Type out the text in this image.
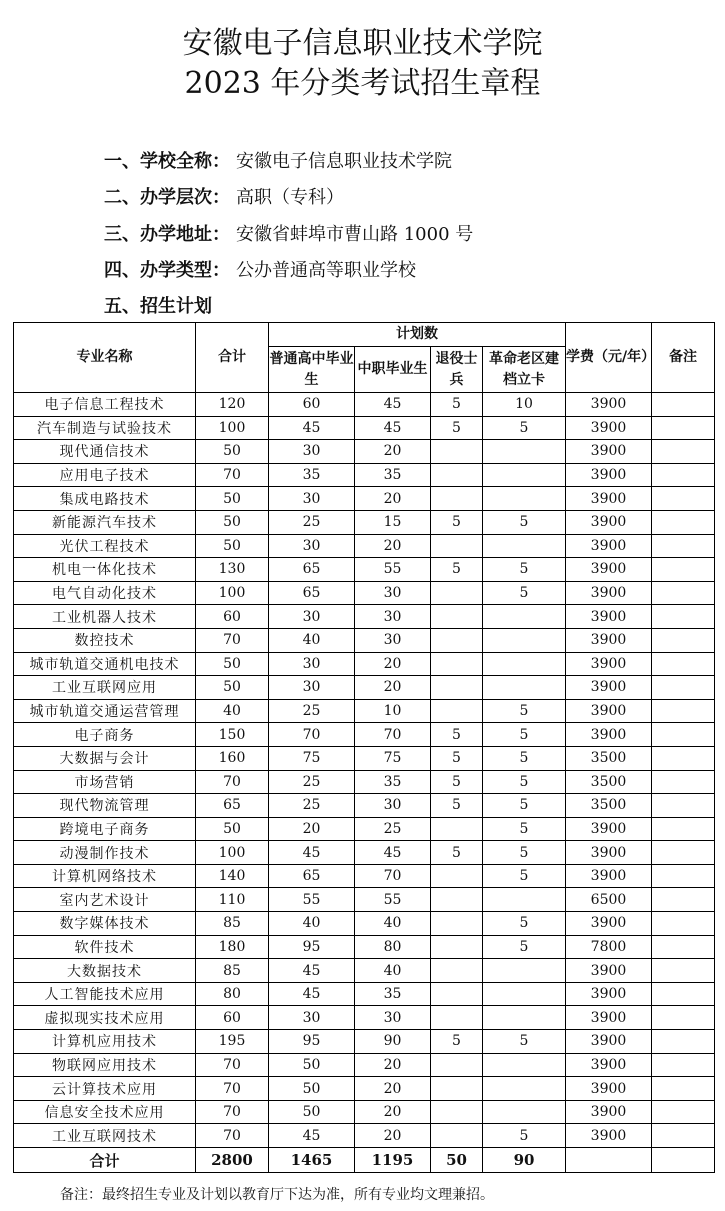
安徽电子信息职业技术学院
2023 年分类考试招生章程
一、学校全称： 安徽电子信息职业技术学院
二、办学层次： 高职（专科）
三、办学地址： 安徽省蚌埠市曹山路 1000 号
四、办学类型： 公办普通高等职业学校
五、招生计划
专业名称	合计	计划数				学费（元/年）	备注
		普通高中毕业生	中职毕业生	退役士兵	革命老区建档立卡		
电子信息工程技术	120	60	45	5	10	3900	
汽车制造与试验技术	100	45	45	5	5	3900	
现代通信技术	50	30	20			3900	
应用电子技术	70	35	35			3900	
集成电路技术	50	30	20			3900	
新能源汽车技术	50	25	15	5	5	3900	
光伏工程技术	50	30	20			3900	
机电一体化技术	130	65	55	5	5	3900	
电气自动化技术	100	65	30		5	3900	
工业机器人技术	60	30	30			3900	
数控技术	70	40	30			3900	
城市轨道交通机电技术	50	30	20			3900	
工业互联网应用	50	30	20			3900	
城市轨道交通运营管理	40	25	10		5	3900	
电子商务	150	70	70	5	5	3900	
大数据与会计	160	75	75	5	5	3500	
市场营销	70	25	35	5	5	3500	
现代物流管理	65	25	30	5	5	3500	
跨境电子商务	50	20	25		5	3900	
动漫制作技术	100	45	45	5	5	3900	
计算机网络技术	140	65	70		5	3900	
室内艺术设计	110	55	55			6500	
数字媒体技术	85	40	40		5	3900	
软件技术	180	95	80		5	7800	
大数据技术	85	45	40			3900	
人工智能技术应用	80	45	35			3900	
虚拟现实技术应用	60	30	30			3900	
计算机应用技术	195	95	90	5	5	3900	
物联网应用技术	70	50	20			3900	
云计算技术应用	70	50	20			3900	
信息安全技术应用	70	50	20			3900	
工业互联网技术	70	45	20		5	3900	
合计	2800	1465	1195	50	90		
备注：最终招生专业及计划以教育厅下达为准，所有专业均文理兼招。
